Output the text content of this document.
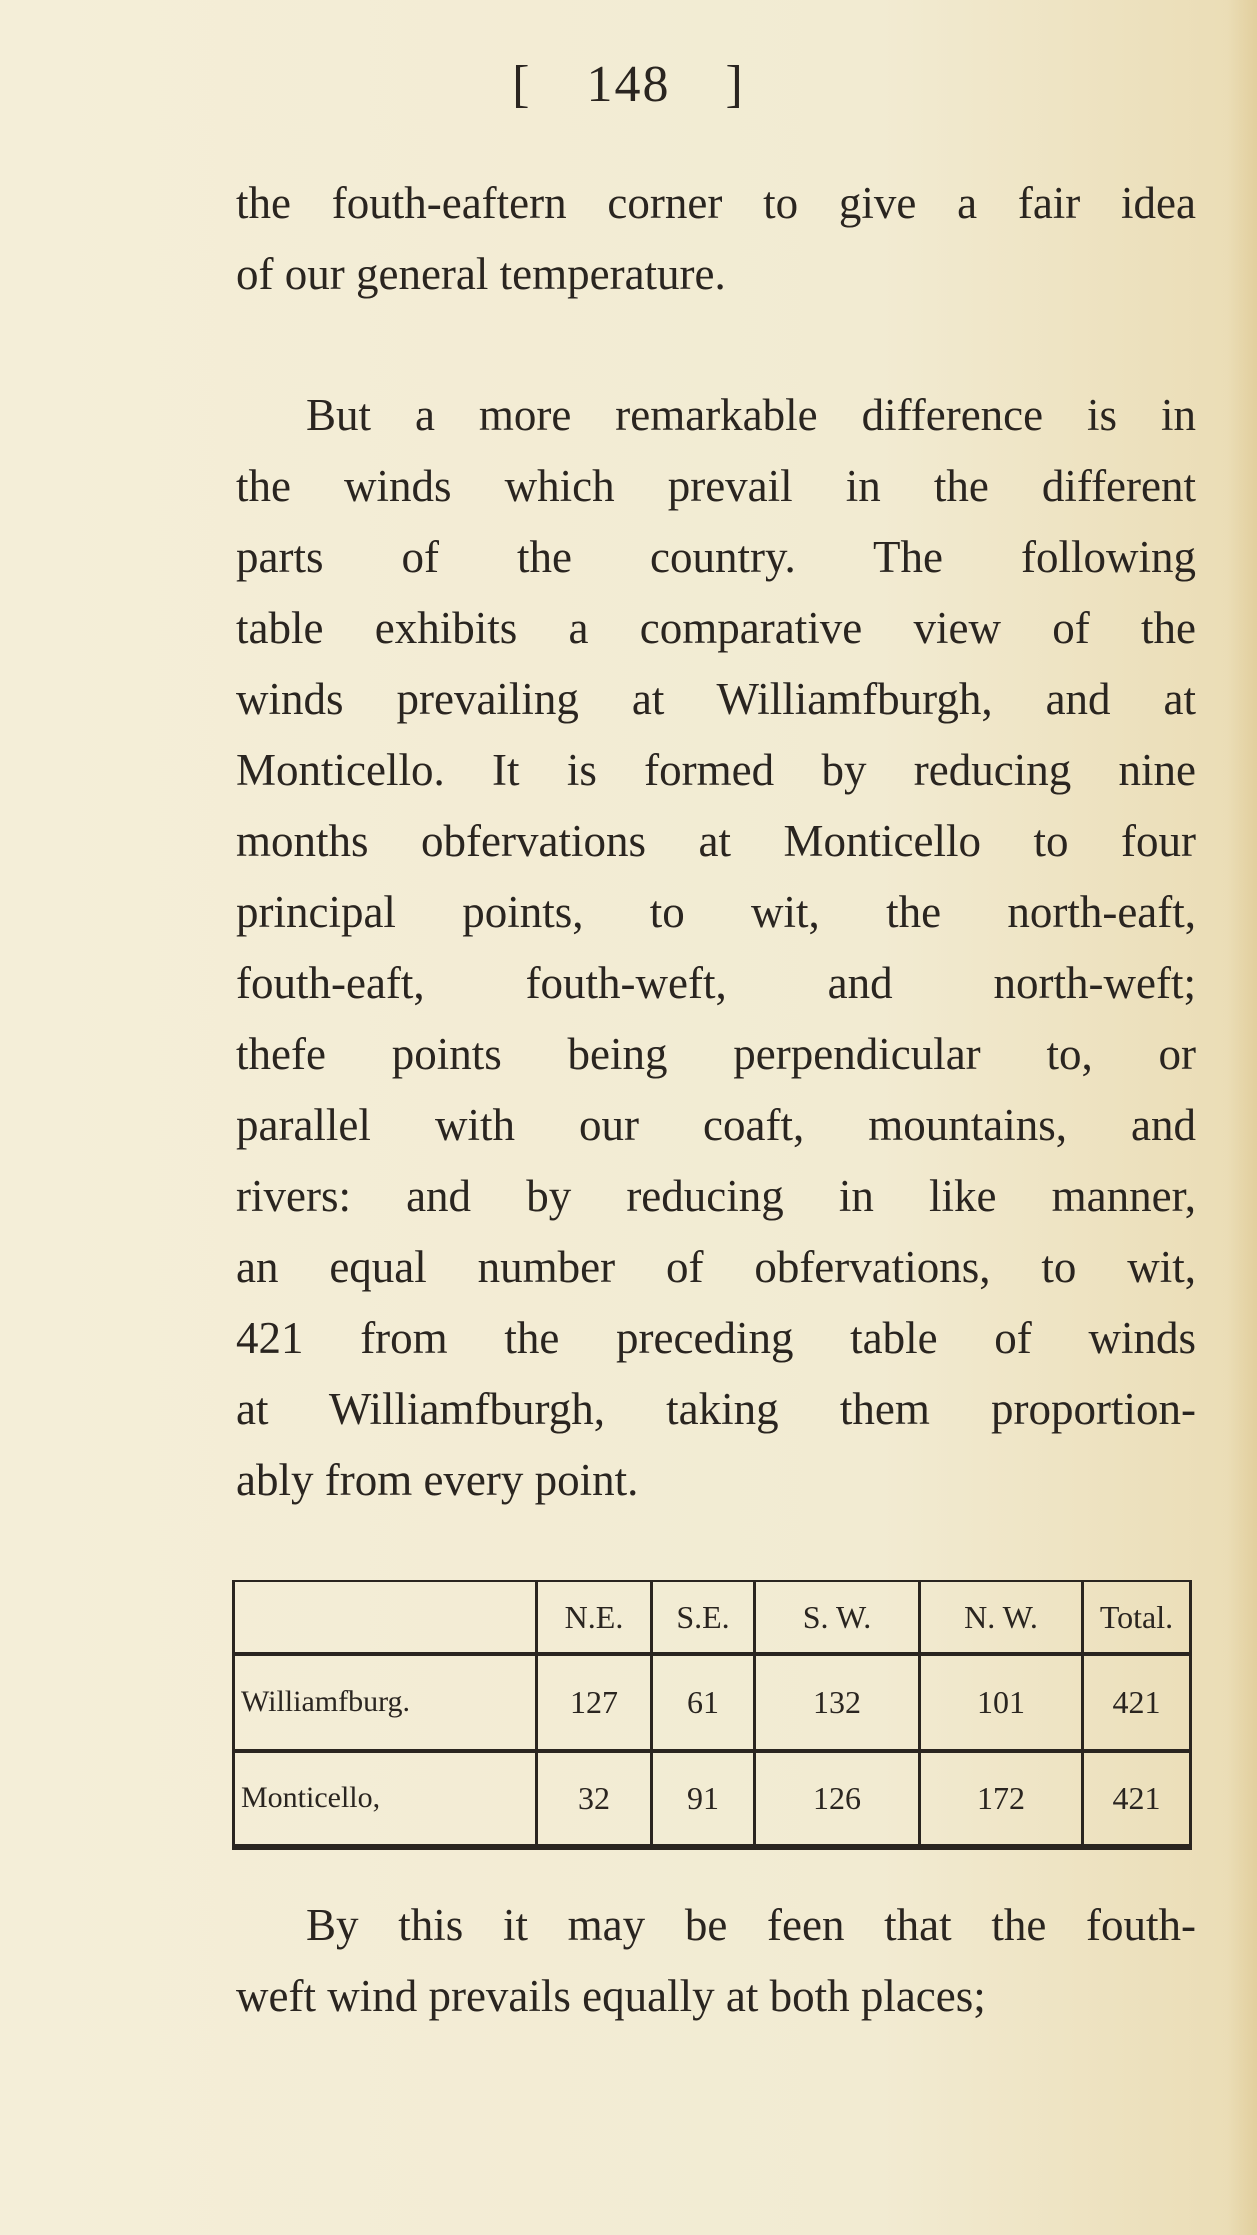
[ 148 ]
the fouth-eaftern corner to give a fair idea
of our general temperature.
But a more remarkable difference is in
the winds which prevail in the different
parts of the country. The following
table exhibits a comparative view of the
winds prevailing at Williamfburgh, and at
Monticello. It is formed by reducing nine
months obfervations at Monticello to four
principal points, to wit, the north-eaft,
fouth-eaft, fouth-weft, and north-weft;
thefe points being perpendicular to, or
parallel with our coaft, mountains, and
rivers: and by reducing in like manner,
an equal number of obfervations, to wit,
421 from the preceding table of winds
at Williamfburgh, taking them proportion-
ably from every point.
	N.E.	S.E.	S. W.	N. W.	Total.
Williamfburg.	127	61	132	101	421
Monticello,	32	91	126	172	421
By this it may be feen that the fouth-
weft wind prevails equally at both places;
